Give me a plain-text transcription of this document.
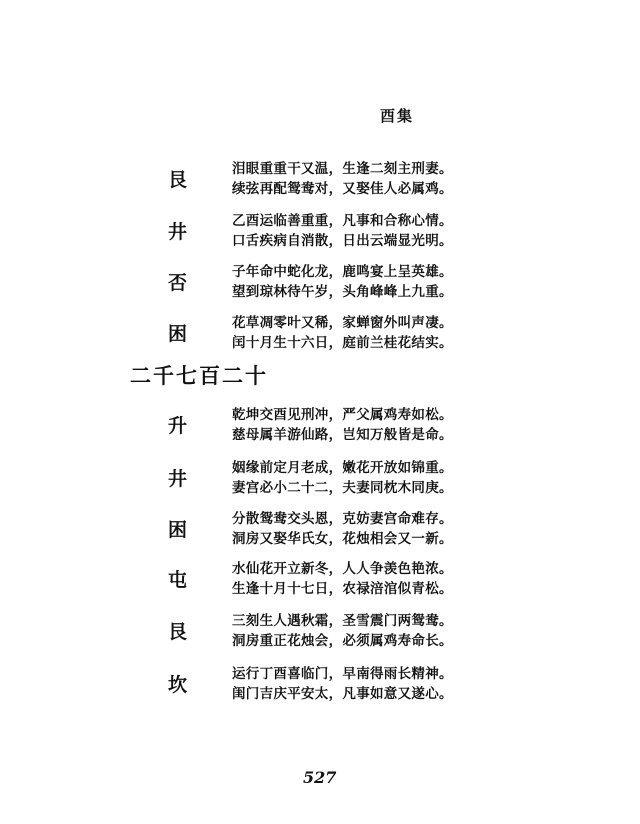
酉集
艮	泪眼重重干又温，生逢二刻主刑妻。
续弦再配鸳鸯对，又娶佳人必属鸡。
井	乙酉运临善重重，凡事和合称心情。
口舌疾病自消散，日出云端显光明。
否	子年命中蛇化龙，鹿鸣宴上呈英雄。
望到琼林待午岁，头角峰峰上九重。
困	花草凋零叶又稀，家蝉窗外叫声凄。
闰十月生十六日，庭前兰桂花结实。
二千七百二十
升	乾坤交酉见刑冲，严父属鸡寿如松。
慈母属羊游仙路，岂知万般皆是命。
井	姻缘前定月老成，嫩花开放如锦重。
妻宫必小二十二，夫妻同枕木同庚。
困	分散鸳鸯交头恩，克妨妻宫命难存。
洞房又娶华氏女，花烛相会又一新。
屯	水仙花开立新冬，人人争羡色艳浓。
生逢十月十七日，农禄涪涫似青松。
艮	三刻生人遇秋霜，圣雪震门两鸳鸯。
洞房重正花烛会，必须属鸡寿命长。
坎	运行丁酉喜临门，早南得雨长精神。
闺门吉庆平安太，凡事如意又遂心。
527
